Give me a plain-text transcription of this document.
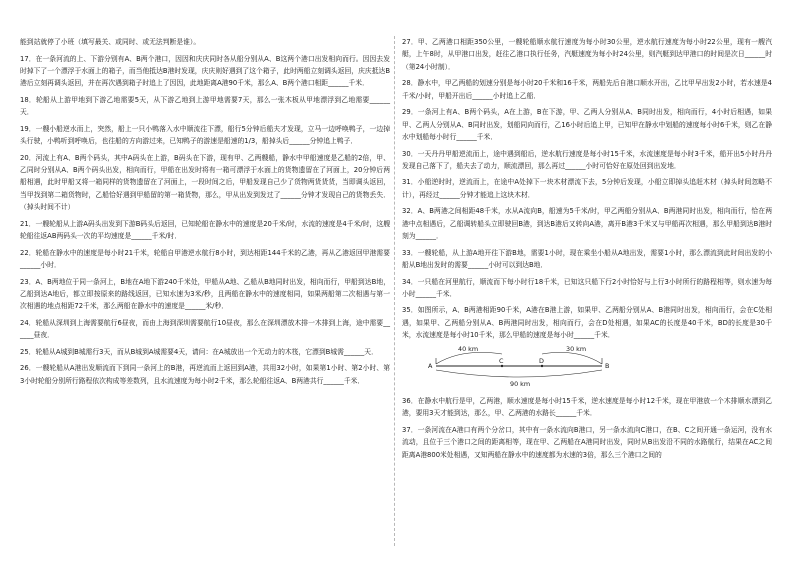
能到站就停了小班（填写最关、或同时、或无法判断是谁）。

17．在一条河流的上、下游分别有A、B两个港口，因因和庆庆同时各从船分别从A、B这两个港口出发相向而行。因因去发时掉下了一个漂浮于水面上的箱子，而当他抵达B港时发现，庆庆则好遇到了这个箱子，此时两船立刻调头返回，庆庆抵达B港后立刻再调头返回，并在再次遇到箱子时追上了因因，此地距离A港90千米，那么A、B两个港口相距______千米．

18．轮船从上游甲地到下游乙地需要5天，从下游乙地到上游甲地需要7天，那么一张木板从甲地漂浮到乙地需要______天．

19．一艘小船逆水而上，突然，船上一只小鸭落入水中顺流往下漂，船行5分钟后船夫才发现，立马一边呼唤鸭子，一边掉头行驶，小鸭听到呼唤后，也往船的方向游过来，已知鸭子的游速是船速的1/3，船掉头后______分钟追上鸭子．

20．河流上有A、B两个码头，其中A码头在上游，B码头在下游，现有甲、乙两艘船，静水中甲船速度是乙船的2倍，甲、乙同时分别从A、B两个码头出发，相向而行，甲船在出发时将有一箱可漂浮于水面上的货物遗留在了河面上，20分钟后两船相遇，此时甲船又将一箱同样的货物遗留在了河面上，一段时间之后，甲船发现自己少了货物两货货货，当即调头返回，当甲找到第二箱货物时，乙船恰好遇到甲船留的第一箱货物，那么，甲从出发到发过了______分钟才发现自己的货物丢失．（掉头时间不计）

21．一艘轮船从上游A码头出发到下游B码头后返回，已知轮船在静水中的速度是20千米/时，水流的速度是4千米/时，这艘轮船往返AB两码头一次的平均速度是______千米/时．

22．轮船在静水中的速度是每小时21千米，轮船自甲港逆水航行8小时，到达相距144千米的乙港，再从乙港返回甲港需要______小时．

23．A、B两地位于同一条河上，B地在A地下游240千米处，甲船从A地、乙船从B地同时出发，相向而行，甲船到达B地，乙船到达A地后，都立即按原来的路线返回，已知水速为3米/秒，且两船在静水中的速度相同，如果两船第二次相遇与第一次相遇的地点相距72千米，那么两船在静水中的速度是______米/秒．

24．轮船从深圳到上海需要航行6昼夜，而由上海到深圳需要航行10昼夜，那么在深圳漂放木排一木排到上海，途中需要______昼夜．

25．轮船从A城到B城需行3天，而从B城到A城需要4天，请问：在A城放出一个无动力的木筏，它漂到B城需______天．

26．一艘轮船从A港出发顺流而下到同一条河上的B港，再逆流而上返回到A港，共用32小时，如果第1小时、第2小时、第3小时轮船分别所行路程依次构成等差数列，且水流速度为每小时2千米，那么轮船往返A、B两港共行______千米．

27．甲、乙两港口相距350公里，一艘轮船顺水航行速度为每小时30公里，逆水航行速度为每小时22公里，现有一艘汽艇，上午8时，从甲港口出发，赶往乙港口执行任务，汽艇速度为每小时24公里，则汽艇到达甲港口的时间是次日______时（第24小时制）．

28．静水中，甲乙两船的划速分别是每小时20千米和16千米，两船先后自港口顺水开出，乙比甲早出发2小时，若水速是4千米/小时，甲船开出后______小时追上乙船．

29．一条河上有A、B两个码头，A在上游，B在下游，甲、乙两人分别从A、B同时出发，相向而行，4小时后相遇，如果甲、乙两人分别从A、B同时出发，划船同向而行，乙16小时后追上甲，已知甲在静水中划船的速度每小时6千米，则乙在静水中划船每小时行______千米．

30．一天丹丹甲船逆流而上，途中遇到船后，逆水航行速度是每小时15千米，水流速度是每小时3千米，船开出5小时丹丹发现自己落下了，船夫去了动力，顺流漂回，那么再过______小时可恰好在原处回到出发地．

31．小船逆时时，逆流而上，在途中A处掉下一块木材漂流下去，5分钟后发现，小船立即掉头追赶木材（掉头时间忽略不计），再经过______分钟才能追上这块木材．

32．A、B两港之间相距48千米，水从A流向B，船速为5千米/时，甲乙两船分别从A、B两港同时出发，相向而行，恰在两港中点相遇后，乙船调转船头立即驶回B港，到达B港后又转向A港，离开B港3千米又与甲船再次相遇，那么甲船到达B港时刻为______．

33．一艘轮船，从上游A地开往下游B地，需要1小时，现在乘坐小船从A地出发，需要1小时，那么漂流到此时间出发的小船从B地出发时的需要______小时可以到达B地．

34．一只船在河里航行，顺流而下每小时行18千米，已知这只船下行2小时恰好与上行3小时所行的路程相等，则水速为每小时______千米．

35．如图所示，A、B两港相距90千米，A港在B港上游，如果甲、乙两船分别从A、B港同时出发，相向而行，会在C处相遇，如果甲、乙两船分别从A、B两港同时出发，相向而行，会在D处相遇，如果AC的长度是40千米，BD的长度是30千米，水流速度是每小时10千米，那么甲船的速度是每小时______千米．

40 km	30 km
90 km
A
C	D
B

36．在静水中航行是甲，乙两港，顺水速度是每小时15千米，逆水速度是每小时12千米，现在甲港放一个木排顺水漂到乙港，要用3天才能到达，那么，甲、乙两港的水路长______千米．

37．一条河流在A港口有两个分岔口，其中有一条水流向B港口，另一条水流向C港口，在B、C之间开通一条运河，没有水流动，且位于三个港口之间的距离相等，现在甲、乙两船在A港同时出发，同时从B出发沿不同的水路航行，结果在AC之间距离A港800米处相遇，又知两船在静水中的速度都为水速的3倍，那么三个港口之间的
